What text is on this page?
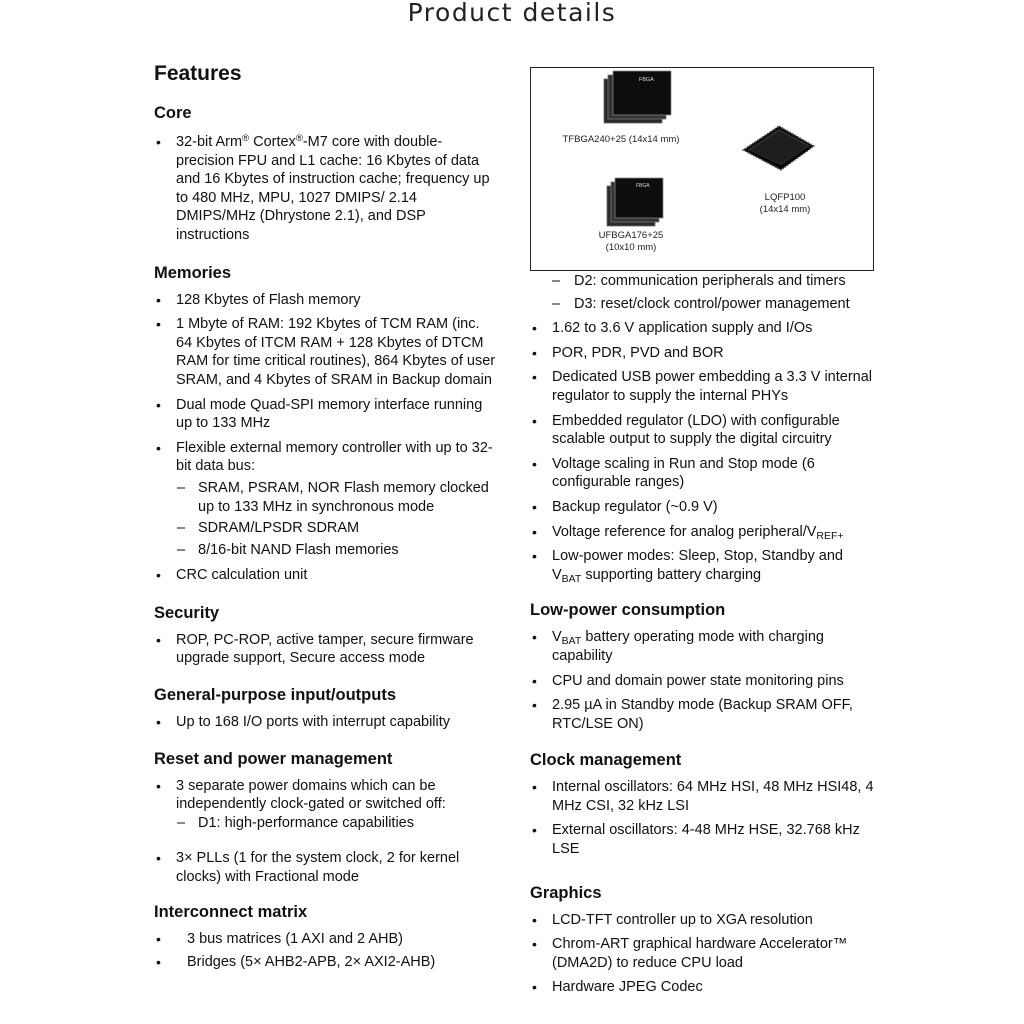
Product details
Features	FBGA
FBGA
TFBGA240+25 (14x14 mm)
LQFP100
(14x14 mm)
UFBGA176+25
(10x10 mm)
Core
• 32-bit Arm® Cortex®-M7 core with double-precision FPU and L1 cache: 16 Kbytes of data and 16 Kbytes of instruction cache; frequency up to 480 MHz, MPU, 1027 DMIPS/ 2.14 DMIPS/MHz (Dhrystone 2.1), and DSP instructions
Memories
• 128 Kbytes of Flash memory
• 1 Mbyte of RAM: 192 Kbytes of TCM RAM (inc. 64 Kbytes of ITCM RAM + 128 Kbytes of DTCM RAM for time critical routines), 864 Kbytes of user SRAM, and 4 Kbytes of SRAM in Backup domain
• Dual mode Quad-SPI memory interface running up to 133 MHz
• Flexible external memory controller with up to 32-bit data bus:
– SRAM, PSRAM, NOR Flash memory clocked up to 133 MHz in synchronous mode
– SDRAM/LPSDR SDRAM
– 8/16-bit NAND Flash memories
• CRC calculation unit
Security
• ROP, PC-ROP, active tamper, secure firmware upgrade support, Secure access mode
General-purpose input/outputs
• Up to 168 I/O ports with interrupt capability
Reset and power management
• 3 separate power domains which can be independently clock-gated or switched off:
– D1: high-performance capabilities
• 3× PLLs (1 for the system clock, 2 for kernel clocks) with Fractional mode
Interconnect matrix
• 3 bus matrices (1 AXI and 2 AHB)
• Bridges (5× AHB2-APB, 2× AXI2-AHB)
– D2: communication peripherals and timers
– D3: reset/clock control/power management
• 1.62 to 3.6 V application supply and I/Os
• POR, PDR, PVD and BOR
• Dedicated USB power embedding a 3.3 V internal regulator to supply the internal PHYs
• Embedded regulator (LDO) with configurable scalable output to supply the digital circuitry
• Voltage scaling in Run and Stop mode (6 configurable ranges)
• Backup regulator (~0.9 V)
• Voltage reference for analog peripheral/$V_{REF+}$
• Low-power modes: Sleep, Stop, Standby and $V_{BAT}$ supporting battery charging
Low-power consumption
• $V_{BAT}$ battery operating mode with charging capability
• CPU and domain power state monitoring pins
• 2.95 µA in Standby mode (Backup SRAM OFF, RTC/LSE ON)
Clock management
• Internal oscillators: 64 MHz HSI, 48 MHz HSI48, 4 MHz CSI, 32 kHz LSI
• External oscillators: 4-48 MHz HSE, 32.768 kHz LSE
Graphics
• LCD-TFT controller up to XGA resolution
• Chrom-ART graphical hardware Accelerator™ (DMA2D) to reduce CPU load
• Hardware JPEG Codec
